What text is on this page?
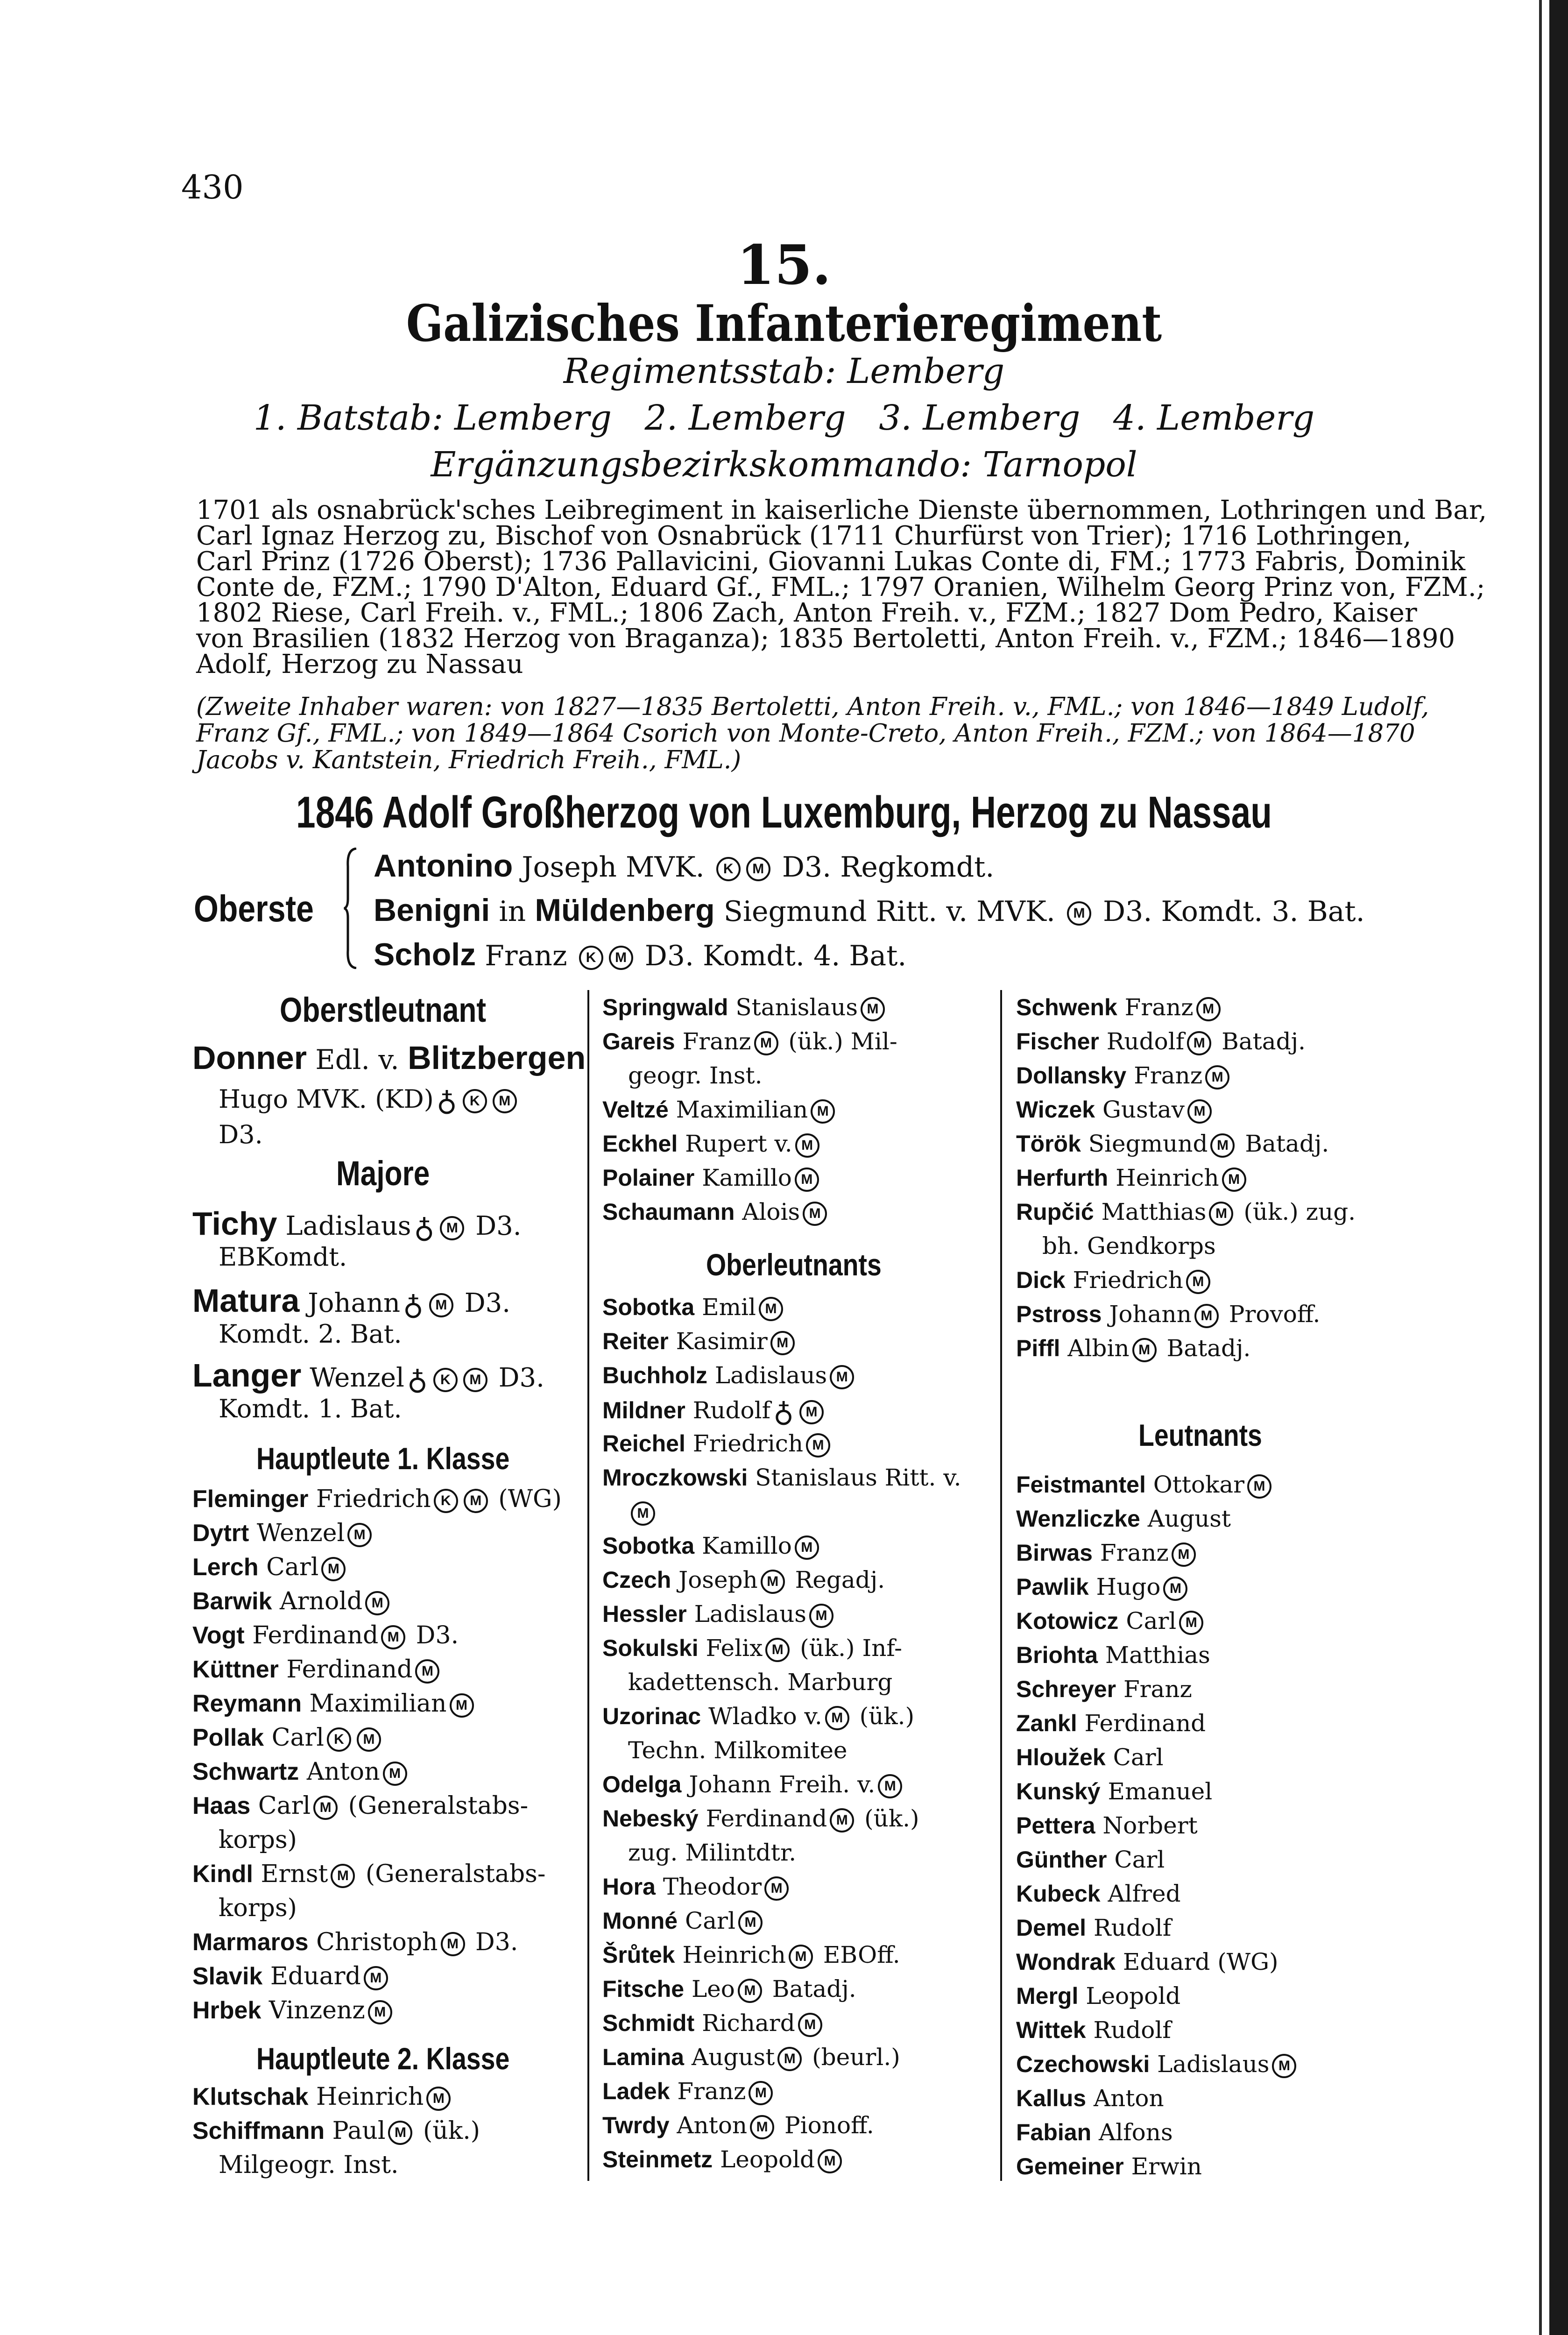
430
15.
Galizisches Infanterieregiment
Regimentsstab: Lemberg
1. Batstab: Lemberg   2. Lemberg   3. Lemberg   4. Lemberg
Ergänzungsbezirkskommando: Tarnopol
1701 als osnabrück'sches Leibregiment in kaiserliche Dienste übernommen, Lothringen und Bar,
Carl Ignaz Herzog zu, Bischof von Osnabrück (1711 Churfürst von Trier); 1716 Lothringen,
Carl Prinz (1726 Oberst); 1736 Pallavicini, Giovanni Lukas Conte di, FM.; 1773 Fabris, Dominik
Conte de, FZM.; 1790 D'Alton, Eduard Gf., FML.; 1797 Oranien, Wilhelm Georg Prinz von, FZM.;
1802 Riese, Carl Freih. v., FML.; 1806 Zach, Anton Freih. v., FZM.; 1827 Dom Pedro, Kaiser
von Brasilien (1832 Herzog von Braganza); 1835 Bertoletti, Anton Freih. v., FZM.; 1846—1890
Adolf, Herzog zu Nassau
(Zweite Inhaber waren: von 1827—1835 Bertoletti, Anton Freih. v., FML.; von 1846—1849 Ludolf,
Franz Gf., FML.; von 1849—1864 Csorich von Monte-Creto, Anton Freih., FZM.; von 1864—1870
Jacobs v. Kantstein, Friedrich Freih., FML.)
1846 Adolf Großherzog von Luxemburg, Herzog zu Nassau
Oberste
Antonino Joseph MVK. K M D3. Regkomdt.
Benigni in Müldenberg Siegmund Ritt. v. MVK. M D3. Komdt. 3. Bat.
Scholz Franz K M D3. Komdt. 4. Bat.
Oberstleutnant
Donner Edl. v. Blitzbergen
Hugo MVK. (KD) ♁ K M
D3.
Majore
Tichy Ladislaus ♁ M D3.
EBKomdt.
Matura Johann ♁ M D3.
Komdt. 2. Bat.
Langer Wenzel ♁ K M D3.
Komdt. 1. Bat.
Hauptleute 1. Klasse
Fleminger Friedrich K M (WG)
Dytrt Wenzel M
Lerch Carl M
Barwik Arnold M
Vogt Ferdinand M D3.
Küttner Ferdinand M
Reymann Maximilian M
Pollak Carl K M
Schwartz Anton M
Haas Carl M (Generalstabs-
korps)
Kindl Ernst M (Generalstabs-
korps)
Marmaros Christoph M D3.
Slavik Eduard M
Hrbek Vinzenz M
Hauptleute 2. Klasse
Klutschak Heinrich M
Schiffmann Paul M (ük.)
Milgeogr. Inst.
Springwald Stanislaus M
Gareis Franz M (ük.) Mil-
geogr. Inst.
Veltzé Maximilian M
Eckhel Rupert v. M
Polainer Kamillo M
Schaumann Alois M
Oberleutnants
Sobotka Emil M
Reiter Kasimir M
Buchholz Ladislaus M
Mildner Rudolf ♁ M
Reichel Friedrich M
Mroczkowski Stanislaus Ritt. v.
M
Sobotka Kamillo M
Czech Joseph M Regadj.
Hessler Ladislaus M
Sokulski Felix M (ük.) Inf-
kadettensch. Marburg
Uzorinac Wladko v. M (ük.)
Techn. Milkomitee
Odelga Johann Freih. v. M
Nebeský Ferdinand M (ük.)
zug. Milintdtr.
Hora Theodor M
Monné Carl M
Šrůtek Heinrich M EBOff.
Fitsche Leo M Batadj.
Schmidt Richard M
Lamina August M (beurl.)
Ladek Franz M
Twrdy Anton M Pionoff.
Steinmetz Leopold M
Schwenk Franz M
Fischer Rudolf M Batadj.
Dollansky Franz M
Wiczek Gustav M
Török Siegmund M Batadj.
Herfurth Heinrich M
Rupčić Matthias M (ük.) zug.
bh. Gendkorps
Dick Friedrich M
Pstross Johann M Provoff.
Piffl Albin M Batadj.
Leutnants
Feistmantel Ottokar M
Wenzliczke August
Birwas Franz M
Pawlik Hugo M
Kotowicz Carl M
Briohta Matthias
Schreyer Franz
Zankl Ferdinand
Hloužek Carl
Kunský Emanuel
Pettera Norbert
Günther Carl
Kubeck Alfred
Demel Rudolf
Wondrak Eduard (WG)
Mergl Leopold
Wittek Rudolf
Czechowski Ladislaus M
Kallus Anton
Fabian Alfons
Gemeiner Erwin
